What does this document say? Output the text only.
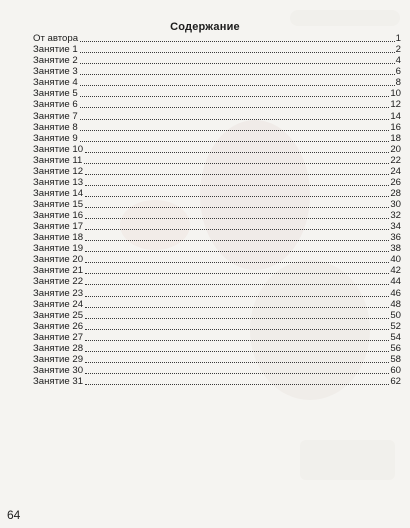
Содержание
От автора	1
Занятие 1	2
Занятие 2	4
Занятие 3	6
Занятие 4	8
Занятие 5	10
Занятие 6	12
Занятие 7	14
Занятие 8	16
Занятие 9	18
Занятие 10	20
Занятие 11	22
Занятие 12	24
Занятие 13	26
Занятие 14	28
Занятие 15	30
Занятие 16	32
Занятие 17	34
Занятие 18	36
Занятие 19	38
Занятие 20	40
Занятие 21	42
Занятие 22	44
Занятие 23	46
Занятие 24	48
Занятие 25	50
Занятие 26	52
Занятие 27	54
Занятие 28	56
Занятие 29	58
Занятие 30	60
Занятие 31	62
64
